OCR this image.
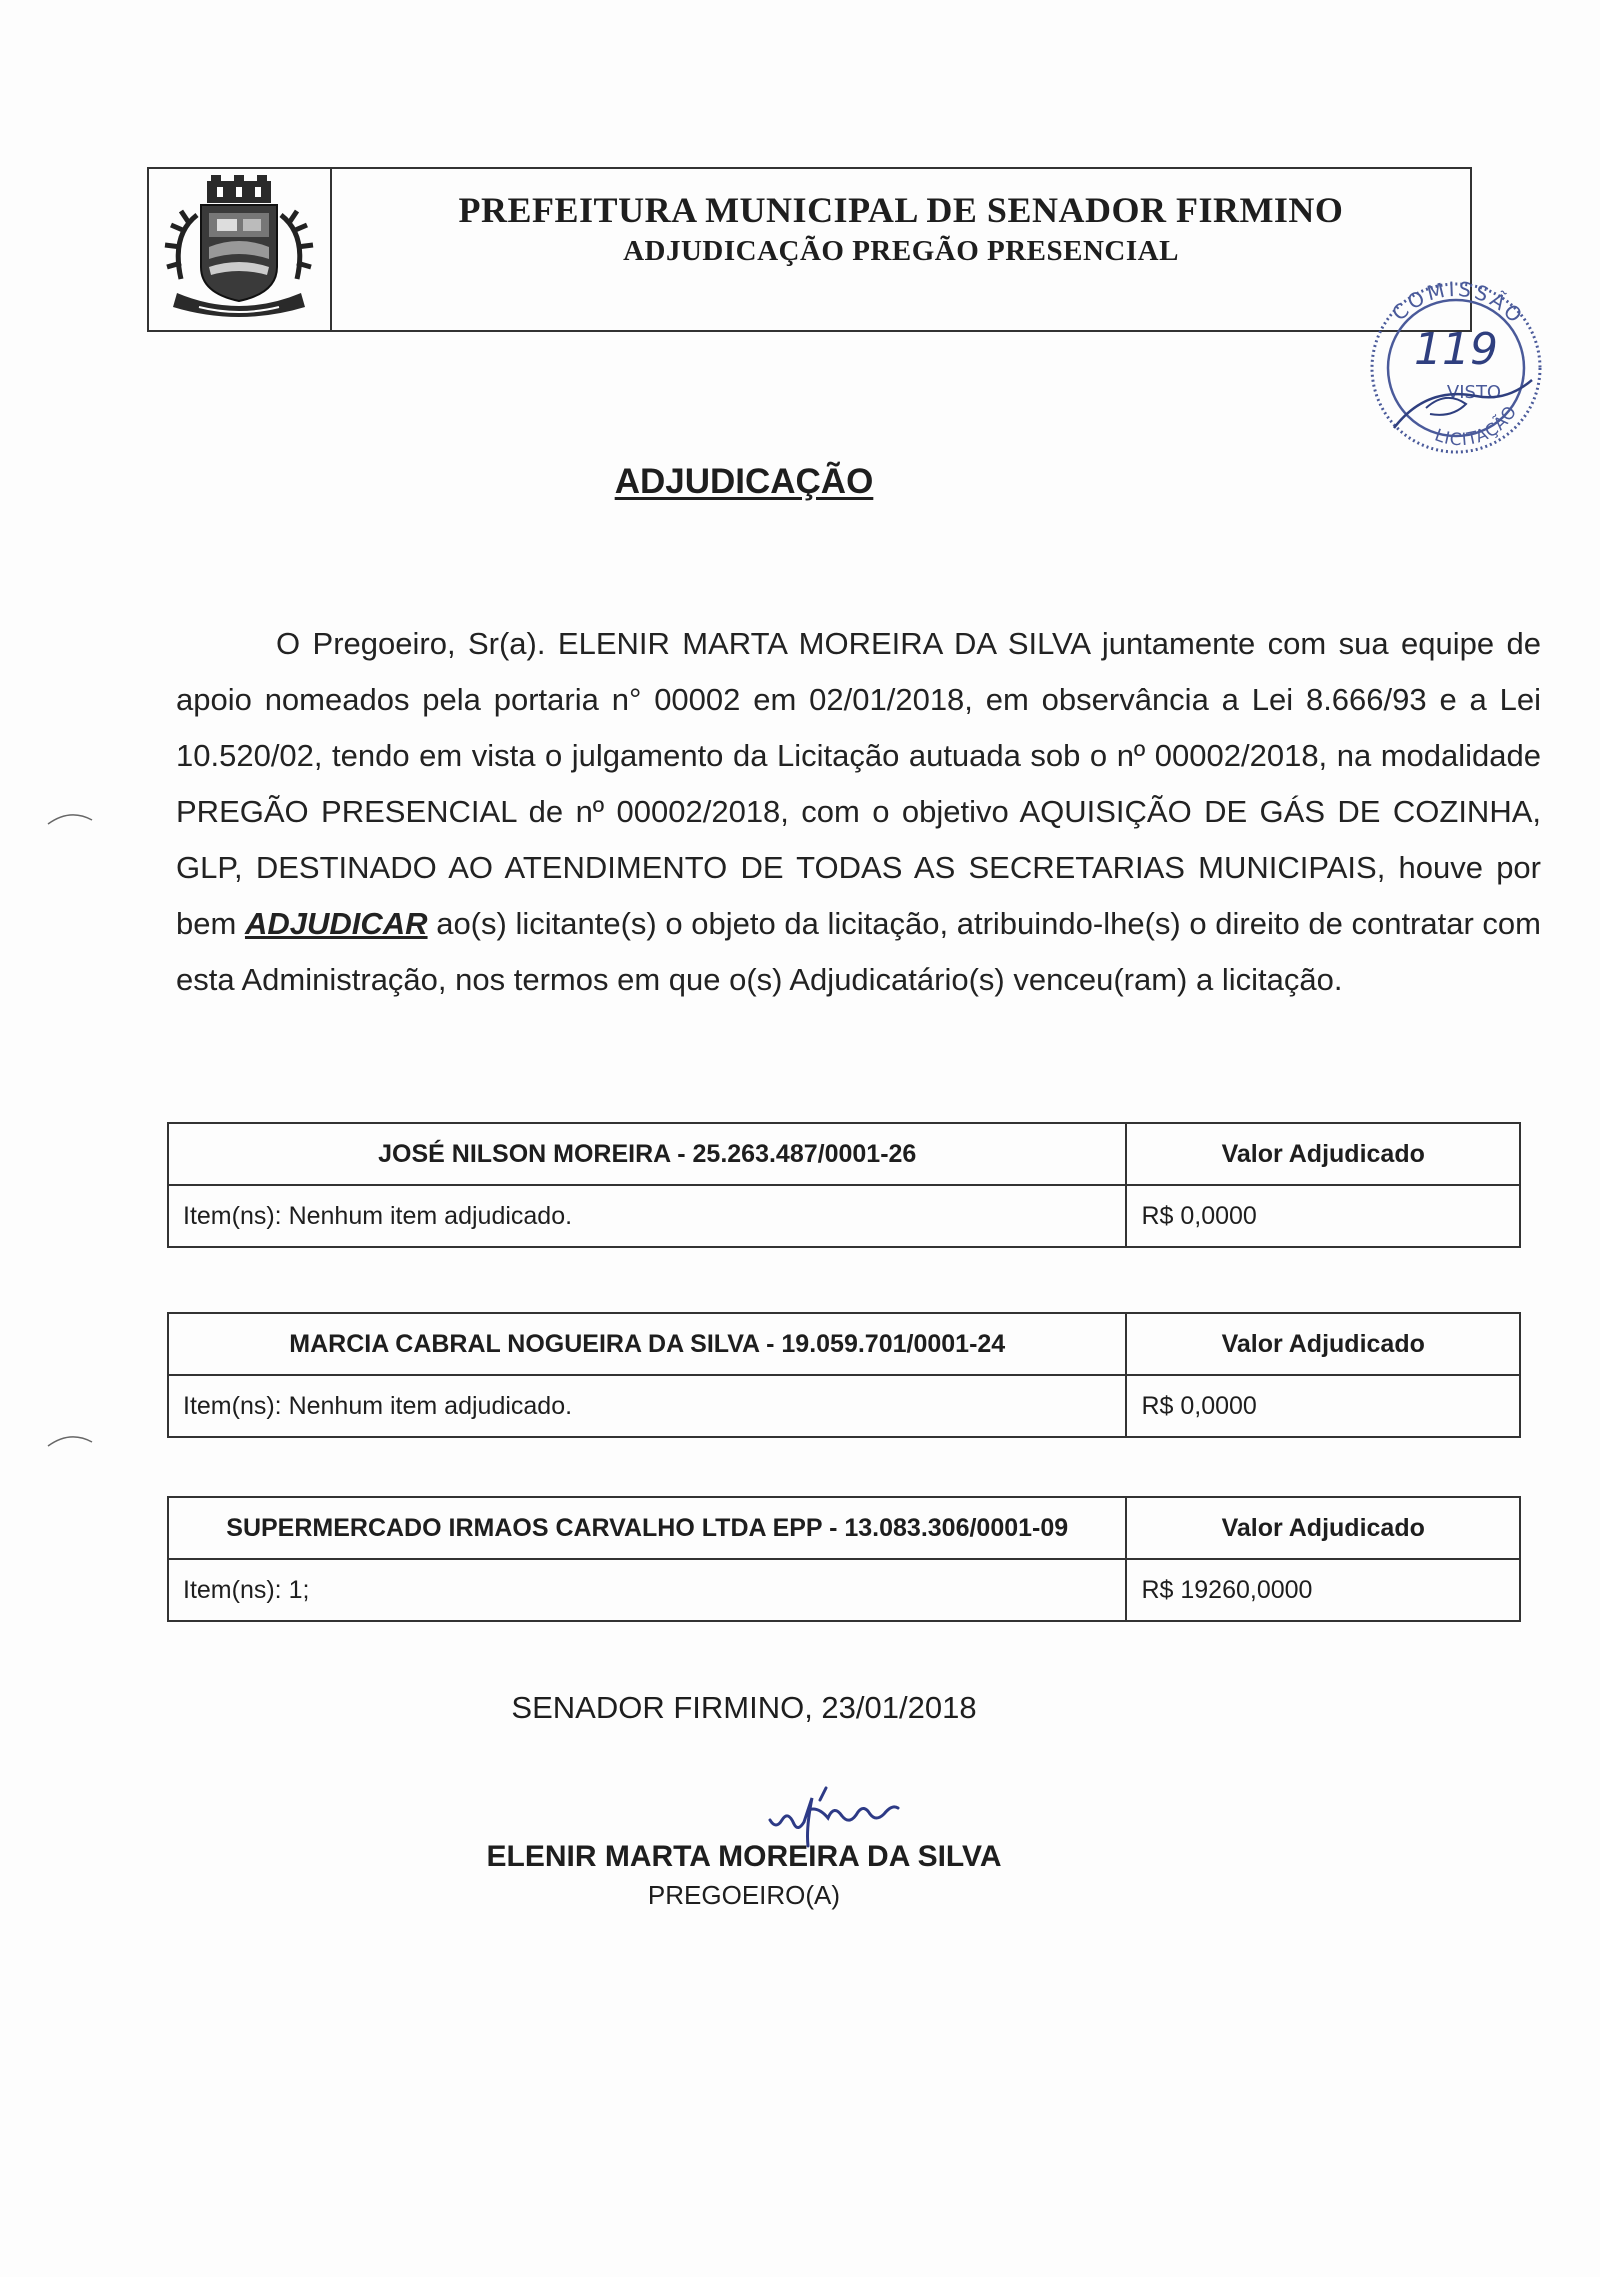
PREFEITURA MUNICIPAL DE SENADOR FIRMINO
ADJUDICAÇÃO PREGÃO PRESENCIAL
COMISSÃO
119
VISTO
LICITAÇÃO
ADJUDICAÇÃO
O Pregoeiro, Sr(a). ELENIR MARTA MOREIRA DA SILVA juntamente com sua equipe de apoio nomeados pela portaria n° 00002 em 02/01/2018, em observância a Lei 8.666/93 e a Lei 10.520/02, tendo em vista o julgamento da Licitação autuada sob o nº 00002/2018, na modalidade PREGÃO PRESENCIAL de nº 00002/2018, com o objetivo AQUISIÇÃO DE GÁS DE COZINHA, GLP, DESTINADO AO ATENDIMENTO DE TODAS AS SECRETARIAS MUNICIPAIS, houve por bem ADJUDICAR ao(s) licitante(s) o objeto da licitação, atribuindo-lhe(s) o direito de contratar com esta Administração, nos termos em que o(s) Adjudicatário(s) venceu(ram) a licitação.
JOSÉ NILSON MOREIRA - 25.263.487/0001-26	Valor Adjudicado
Item(ns): Nenhum item adjudicado.	R$ 0,0000
MARCIA CABRAL NOGUEIRA DA SILVA - 19.059.701/0001-24	Valor Adjudicado
Item(ns): Nenhum item adjudicado.	R$ 0,0000
SUPERMERCADO IRMAOS CARVALHO LTDA EPP - 13.083.306/0001-09	Valor Adjudicado
Item(ns): 1;	R$ 19260,0000
SENADOR FIRMINO, 23/01/2018
ELENIR MARTA MOREIRA DA SILVA
PREGOEIRO(A)
